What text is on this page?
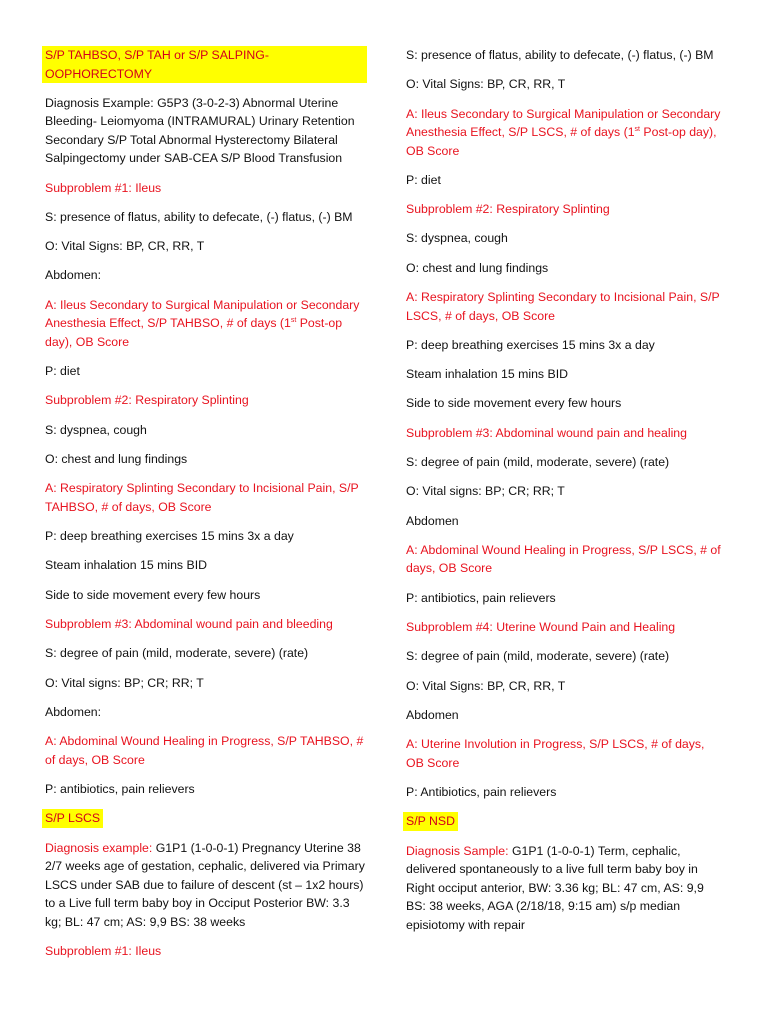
S/P TAHBSO, S/P TAH or S/P SALPING-OOPHORECTOMY
Diagnosis Example: G5P3 (3-0-2-3) Abnormal Uterine Bleeding- Leiomyoma (INTRAMURAL) Urinary Retention Secondary S/P Total Abnormal Hysterectomy Bilateral Salpingectomy under SAB-CEA S/P Blood Transfusion
Subproblem #1: Ileus
S: presence of flatus, ability to defecate, (-) flatus, (-) BM
O: Vital Signs: BP, CR, RR, T
Abdomen:
A: Ileus Secondary to Surgical Manipulation or Secondary Anesthesia Effect, S/P TAHBSO, # of days (1st Post-op day), OB Score
P: diet
Subproblem #2: Respiratory Splinting
S: dyspnea, cough
O: chest and lung findings
A: Respiratory Splinting Secondary to Incisional Pain, S/P TAHBSO, # of days, OB Score
P: deep breathing exercises 15 mins 3x a day
Steam inhalation 15 mins BID
Side to side movement every few hours
Subproblem #3: Abdominal wound pain and bleeding
S: degree of pain (mild, moderate, severe) (rate)
O: Vital signs: BP; CR; RR; T
Abdomen:
A: Abdominal Wound Healing in Progress, S/P TAHBSO, # of days, OB Score
P: antibiotics, pain relievers
S/P LSCS
Diagnosis example: G1P1 (1-0-0-1) Pregnancy Uterine 38 2/7 weeks age of gestation, cephalic, delivered via Primary LSCS under SAB due to failure of descent (st – 1x2 hours) to a Live full term baby boy in Occiput Posterior BW: 3.3 kg; BL: 47 cm; AS: 9,9 BS: 38 weeks
Subproblem #1: Ileus
S: presence of flatus, ability to defecate, (-) flatus, (-) BM
O: Vital Signs: BP, CR, RR, T
A: Ileus Secondary to Surgical Manipulation or Secondary Anesthesia Effect, S/P LSCS, # of days (1st Post-op day), OB Score
P: diet
Subproblem #2: Respiratory Splinting
S: dyspnea, cough
O: chest and lung findings
A: Respiratory Splinting Secondary to Incisional Pain, S/P LSCS, # of days, OB Score
P: deep breathing exercises 15 mins 3x a day
Steam inhalation 15 mins BID
Side to side movement every few hours
Subproblem #3: Abdominal wound pain and healing
S: degree of pain (mild, moderate, severe) (rate)
O: Vital signs: BP; CR; RR; T
Abdomen
A: Abdominal Wound Healing in Progress, S/P LSCS, # of days, OB Score
P: antibiotics, pain relievers
Subproblem #4: Uterine Wound Pain and Healing
S: degree of pain (mild, moderate, severe) (rate)
O: Vital Signs: BP, CR, RR, T
Abdomen
A: Uterine Involution in Progress, S/P LSCS, # of days, OB Score
P: Antibiotics, pain relievers
S/P NSD
Diagnosis Sample: G1P1 (1-0-0-1) Term, cephalic, delivered spontaneously to a live full term baby boy in Right occiput anterior, BW: 3.36 kg; BL: 47 cm, AS: 9,9 BS: 38 weeks, AGA (2/18/18, 9:15 am) s/p median episiotomy with repair
